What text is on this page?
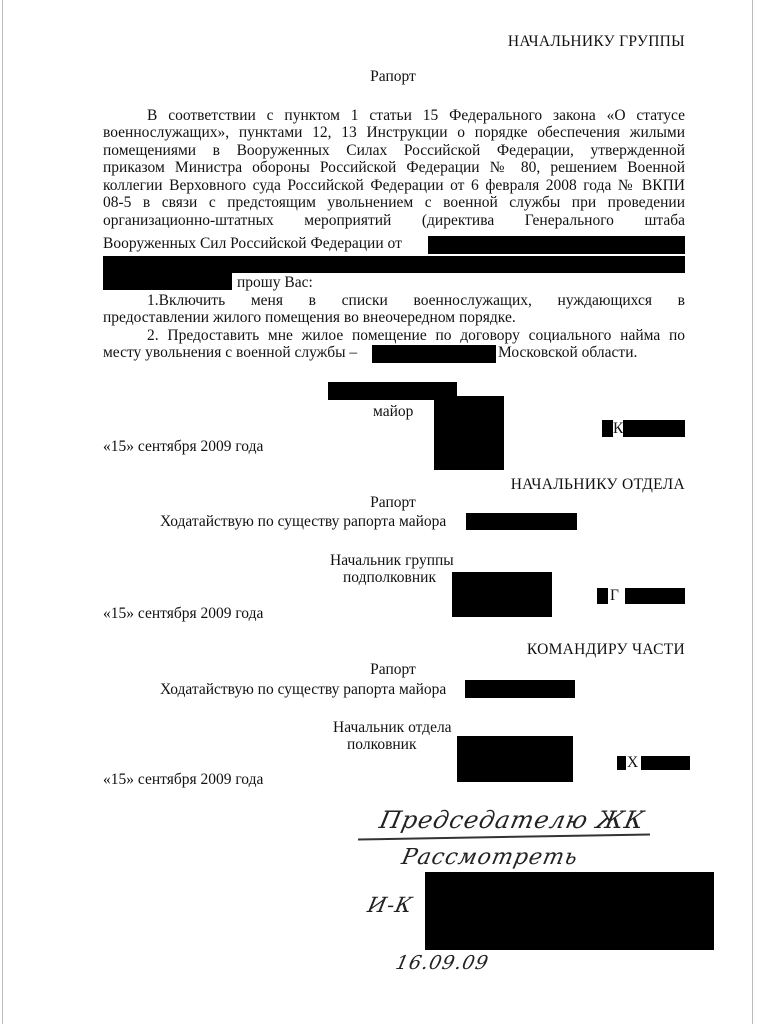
НАЧАЛЬНИКУ ГРУППЫ
Рапорт
В соответствии с пунктом 1 статьи 15 Федерального закона «О статусе
военнослужащих», пунктами 12, 13 Инструкции о порядке обеспечения жилыми
помещениями в Вооруженных Силах Российской Федерации, утвержденной
приказом Министра обороны Российской Федерации № 80, решением Военной
коллегии Верховного суда Российской Федерации от 6 февраля 2008 года № ВКПИ
08-5 в связи с предстоящим увольнением с военной службы при проведении
организационно-штатных мероприятий (директива Генерального штаба
Вооруженных Сил Российской Федерации от
прошу Вас:
1.Включить меня в списки военнослужащих, нуждающихся в
предоставлении жилого помещения во внеочередном порядке.
2. Предоставить мне жилое помещение по договору социального найма по
месту увольнения с военной службы –	Московской области.
майор
К
«15» сентября 2009 года
НАЧАЛЬНИКУ ОТДЕЛА
Рапорт
Ходатайствую по существу рапорта майора
Начальник группы
подполковник
Г
«15» сентября 2009 года
КОМАНДИРУ ЧАСТИ
Рапорт
Ходатайствую по существу рапорта майора
Начальник отдела
полковник
Х
«15» сентября 2009 года
Председателю ЖК
Рассмотреть
И-К
16.09.09
